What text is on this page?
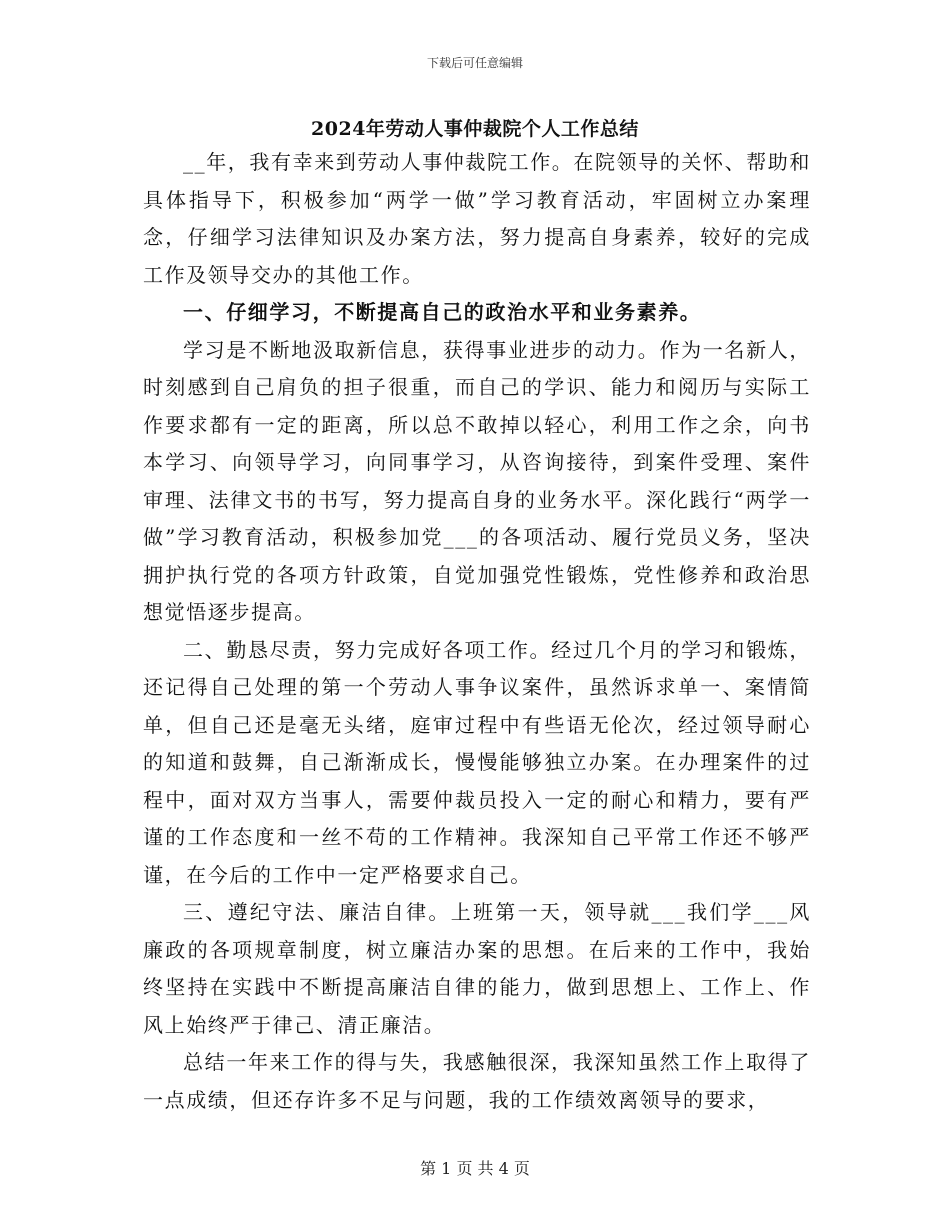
下载后可任意编辑
2024年劳动人事仲裁院个人工作总结

__年，我有幸来到劳动人事仲裁院工作。在院领导的关怀、帮助和具体指导下，积极参加“两学一做”学习教育活动，牢固树立办案理念，仔细学习法律知识及办案方法，努力提高自身素养，较好的完成工作及领导交办的其他工作。

一、仔细学习，不断提高自己的政治水平和业务素养。

学习是不断地汲取新信息，获得事业进步的动力。作为一名新人，时刻感到自己肩负的担子很重，而自己的学识、能力和阅历与实际工作要求都有一定的距离，所以总不敢掉以轻心，利用工作之余，向书本学习、向领导学习，向同事学习，从咨询接待，到案件受理、案件审理、法律文书的书写，努力提高自身的业务水平。深化践行“两学一做”学习教育活动，积极参加党___的各项活动、履行党员义务，坚决拥护执行党的各项方针政策，自觉加强党性锻炼，党性修养和政治思想觉悟逐步提高。

二、勤恳尽责，努力完成好各项工作。经过几个月的学习和锻炼，还记得自己处理的第一个劳动人事争议案件，虽然诉求单一、案情简单，但自己还是毫无头绪，庭审过程中有些语无伦次，经过领导耐心的知道和鼓舞，自己渐渐成长，慢慢能够独立办案。在办理案件的过程中，面对双方当事人，需要仲裁员投入一定的耐心和精力，要有严谨的工作态度和一丝不苟的工作精神。我深知自己平常工作还不够严谨，在今后的工作中一定严格要求自己。

三、遵纪守法、廉洁自律。上班第一天，领导就___我们学___风廉政的各项规章制度，树立廉洁办案的思想。在后来的工作中，我始终坚持在实践中不断提高廉洁自律的能力，做到思想上、工作上、作风上始终严于律己、清正廉洁。

总结一年来工作的得与失，我感触很深，我深知虽然工作上取得了一点成绩，但还存许多不足与问题，我的工作绩效离领导的要求，

第 1 页 共 4 页
